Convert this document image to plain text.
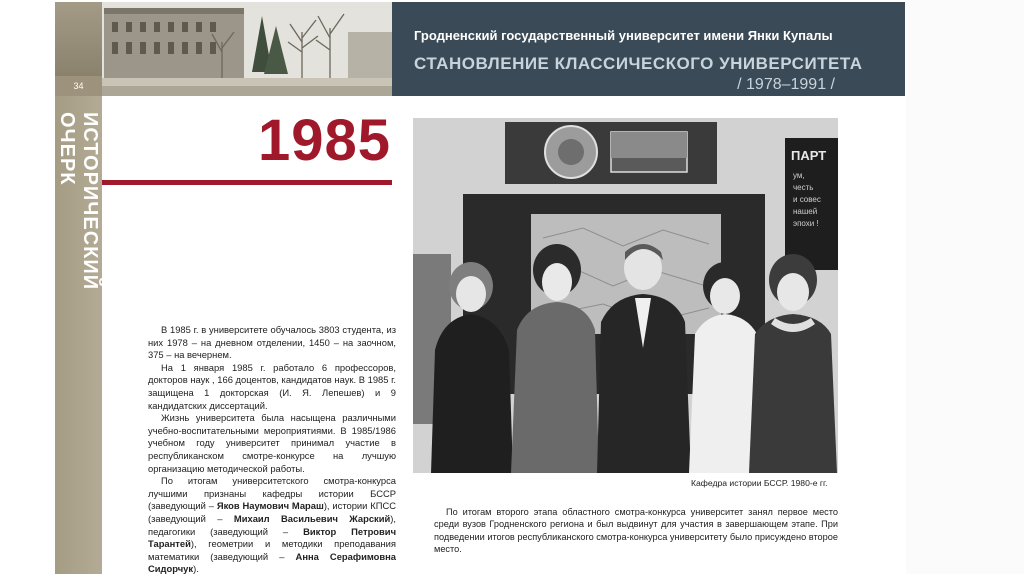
34
ИСТОРИЧЕСКИЙ ОЧЕРК
Гродненский государственный университет имени Янки Купалы
СТАНОВЛЕНИЕ КЛАССИЧЕСКОГО УНИВЕРСИТЕТА
/ 1978–1991 /
1985

В 1985 г. в университете обучалось 3803 студента, из них 1978 – на дневном отделении, 1450 – на заочном, 375 – на вечернем.

На 1 января 1985 г. работало 6 профессоров, докторов наук , 166 доцентов, кандидатов наук. В 1985 г. защищена 1 докторская (И. Я. Лепешев) и 9 кандидатских диссертаций.

Жизнь университета была насыщена различными учебно-воспитательными мероприятиями. В 1985/1986 учебном году университет принимал участие в республиканском смотре-конкурсе на лучшую организацию методической работы.

По итогам университетского смотра-конкурса лучшими признаны кафедры истории БССР (заведующий – Яков Наумович Мараш), истории КПСС (заведующий – Михаил Васильевич Жарский), педагогики (заведующий – Виктор Петрович Тарантей), геометрии и методики преподавания математики (заведующий – Анна Серафимовна Сидорчук).

ПАРТ
ум,
честь
и совес
нашей
эпохи !
Кафедра истории БССР. 1980-е гг.

По итогам второго этапа областного смотра-конкурса университет занял первое место среди вузов Гродненского региона и был выдвинут для участия в завершающем этапе. При подведении итогов республиканского смотра-конкурса университету было присуждено второе место.
